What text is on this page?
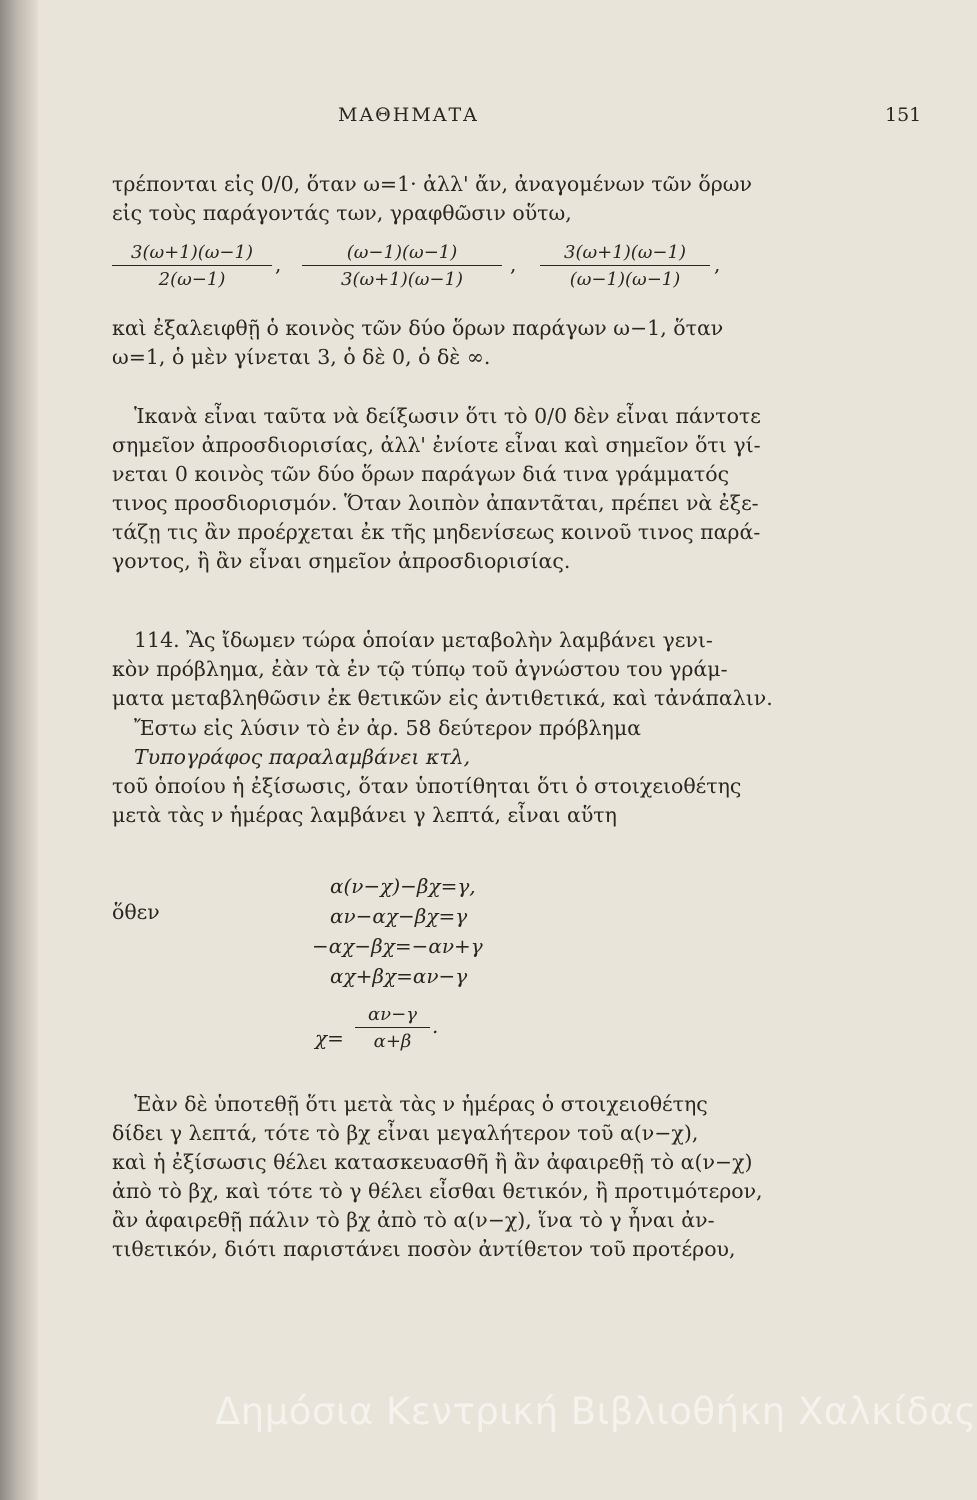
ΜΑΘΗΜΑΤΑ	151
τρέπονται εἰς 0/0, ὅταν ω=1· ἀλλ' ἄν, ἀναγομένων τῶν ὅρων
εἰς τοὺς παράγοντάς των, γραφθῶσιν οὕτω,
$\frac{3(\omega+1)(\omega-1)}{2(\omega-1)}$ , $\frac{(\omega-1)(\omega-1)}{3(\omega+1)(\omega-1)}$ , $\frac{3(\omega+1)(\omega-1)}{(\omega-1)(\omega-1)}$ ,
καὶ ἐξαλειφθῇ ὁ κοινὸς τῶν δύο ὅρων παράγων ω−1, ὅταν
ω=1, ὁ μὲν γίνεται 3, ὁ δὲ 0, ὁ δὲ ∞.
Ἱκανὰ εἶναι ταῦτα νὰ δείξωσιν ὅτι τὸ 0/0 δὲν εἶναι πάντοτε
σημεῖον ἀπροσδιορισίας, ἀλλ' ἐνίοτε εἶναι καὶ σημεῖον ὅτι γί-
νεται 0 κοινὸς τῶν δύο ὅρων παράγων διά τινα γράμματός
τινος προσδιορισμόν. Ὅταν λοιπὸν ἀπαντᾶται, πρέπει νὰ ἐξε-
τάζῃ τις ἂν προέρχεται ἐκ τῆς μηδενίσεως κοινοῦ τινος παρά-
γοντος, ἢ ἂν εἶναι σημεῖον ἀπροσδιορισίας.
114. Ἂς ἴδωμεν τώρα ὁποίαν μεταβολὴν λαμβάνει γενι-
κὸν πρόβλημα, ἐὰν τὰ ἐν τῷ τύπῳ τοῦ ἀγνώστου του γράμ-
ματα μεταβληθῶσιν ἐκ θετικῶν εἰς ἀντιθετικά, καὶ τἀνάπαλιν.
Ἔστω εἰς λύσιν τὸ ἐν ἀρ. 58 δεύτερον πρόβλημα
Τυπογράφος παραλαμβάνει κτλ,
τοῦ ὁποίου ἡ ἐξίσωσις, ὅταν ὑποτίθηται ὅτι ὁ στοιχειοθέτης
μετὰ τὰς ν ἡμέρας λαμβάνει γ λεπτά, εἶναι αὕτη
α(ν−χ)−βχ=γ,
ὅθεν	αν−αχ−βχ=γ
−αχ−βχ=−αν+γ
αχ+βχ=αν−γ
$\chi= \frac{\alpha\nu-\gamma}{\alpha+\beta}$ .
Ἐὰν δὲ ὑποτεθῇ ὅτι μετὰ τὰς ν ἡμέρας ὁ στοιχειοθέτης
δίδει γ λεπτά, τότε τὸ βχ εἶναι μεγαλήτερον τοῦ α(ν−χ),
καὶ ἡ ἐξίσωσις θέλει κατασκευασθῆ ἢ ἂν ἀφαιρεθῇ τὸ α(ν−χ)
ἀπὸ τὸ βχ, καὶ τότε τὸ γ θέλει εἶσθαι θετικόν, ἢ προτιμότερον,
ἂν ἀφαιρεθῇ πάλιν τὸ βχ ἀπὸ τὸ α(ν−χ), ἵνα τὸ γ ἦναι ἀν-
τιθετικόν, διότι παριστάνει ποσὸν ἀντίθετον τοῦ προτέρου,
Δημόσια Κεντρική Βιβλιοθήκη Χαλκίδας
